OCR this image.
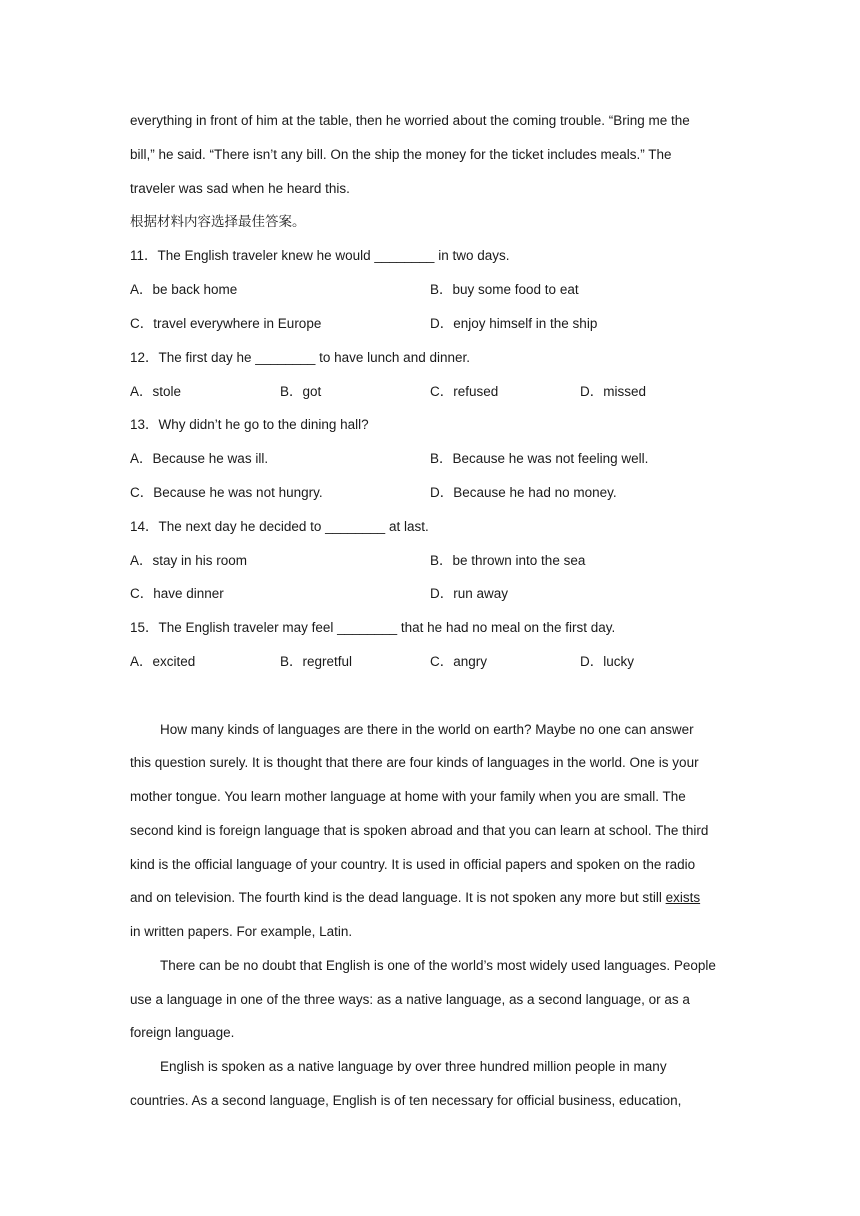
everything in front of him at the table, then he worried about the coming trouble. “Bring me the
bill,” he said. “There isn’t any bill. On the ship the money for the ticket includes meals.” The
traveler was sad when he heard this.
根据材料内容选择最佳答案。
11．The English traveler knew he would ________ in two days.
A．be back home	B．buy some food to eat
C．travel everywhere in Europe	D．enjoy himself in the ship
12．The first day he ________ to have lunch and dinner.
A．stole	B．got	C．refused	D．missed
13．Why didn’t he go to the dining hall?
A．Because he was ill.	B．Because he was not feeling well.
C．Because he was not hungry.	D．Because he had no money.
14．The next day he decided to ________ at last.
A．stay in his room	B．be thrown into the sea
C．have dinner	D．run away
15．The English traveler may feel ________ that he had no meal on the first day.
A．excited	B．regretful	C．angry	D．lucky
How many kinds of languages are there in the world on earth? Maybe no one can answer
this question surely. It is thought that there are four kinds of languages in the world. One is your
mother tongue. You learn mother language at home with your family when you are small. The
second kind is foreign language that is spoken abroad and that you can learn at school. The third
kind is the official language of your country. It is used in official papers and spoken on the radio
and on television. The fourth kind is the dead language. It is not spoken any more but still exists
in written papers. For example, Latin.
There can be no doubt that English is one of the world’s most widely used languages. People
use a language in one of the three ways: as a native language, as a second language, or as a
foreign language.
English is spoken as a native language by over three hundred million people in many
countries. As a second language, English is of ten necessary for official business, education,
